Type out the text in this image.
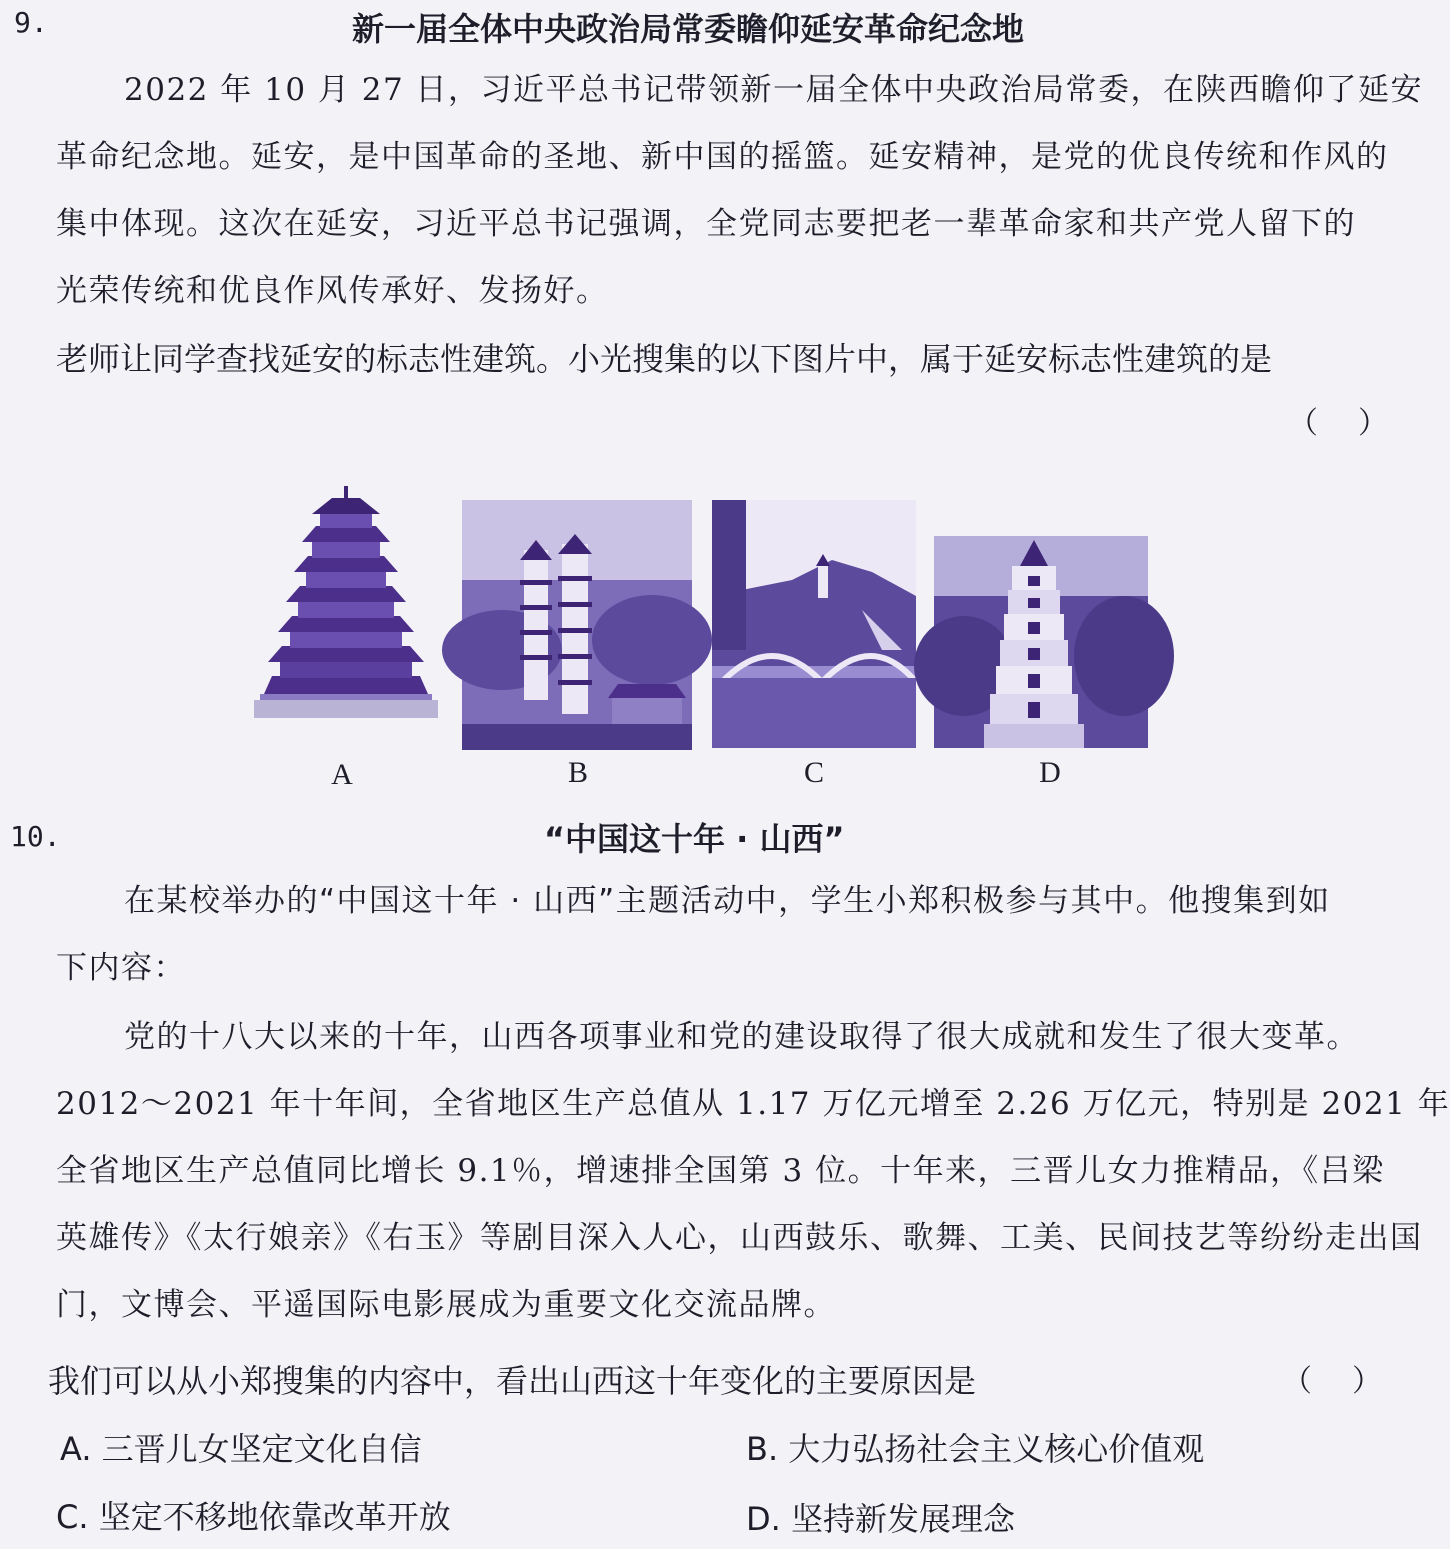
9.	新一届全体中央政治局常委瞻仰延安革命纪念地
2022 年 10 月 27 日，习近平总书记带领新一届全体中央政治局常委，在陕西瞻仰了延安
革命纪念地。延安，是中国革命的圣地、新中国的摇篮。延安精神，是党的优良传统和作风的
集中体现。这次在延安，习近平总书记强调，全党同志要把老一辈革命家和共产党人留下的
光荣传统和优良作风传承好、发扬好。
老师让同学查找延安的标志性建筑。小光搜集的以下图片中，属于延安标志性建筑的是
（）
A	B	C	D
10.	“中国这十年 · 山西”
在某校举办的“中国这十年 · 山西”主题活动中，学生小郑积极参与其中。他搜集到如
下内容：
党的十八大以来的十年，山西各项事业和党的建设取得了很大成就和发生了很大变革。
2012～2021 年十年间，全省地区生产总值从 1.17 万亿元增至 2.26 万亿元，特别是 2021 年
全省地区生产总值同比增长 9.1％，增速排全国第 3 位。十年来，三晋儿女力推精品，《吕梁
英雄传》《太行娘亲》《右玉》等剧目深入人心，山西鼓乐、歌舞、工美、民间技艺等纷纷走出国
门，文博会、平遥国际电影展成为重要文化交流品牌。
我们可以从小郑搜集的内容中，看出山西这十年变化的主要原因是	（）
A. 三晋儿女坚定文化自信	B. 大力弘扬社会主义核心价值观
C. 坚定不移地依靠改革开放	D. 坚持新发展理念
